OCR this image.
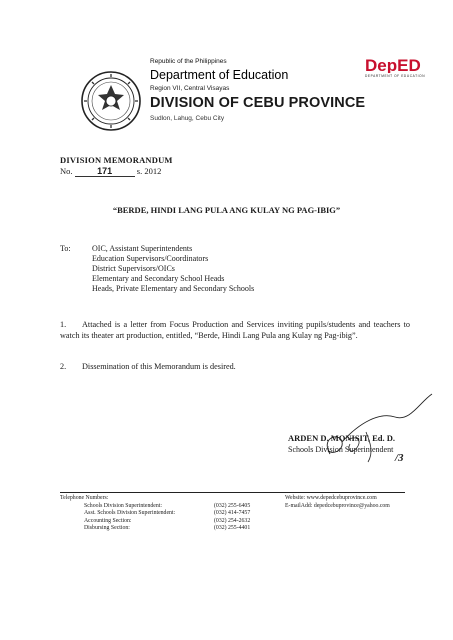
Republic of the Philippines
Department of Education
Region VII, Central Visayas
DIVISION OF CEBU PROVINCE
Sudlon, Lahug, Cebu City
DepED
DEPARTMENT OF EDUCATION
DIVISION MEMORANDUM
No.	171	s. 2012
“BERDE, HINDI LANG PULA ANG KULAY NG PAG-IBIG”
To:	OIC, Assistant Superintendents
Education Supervisors/Coordinators
District Supervisors/OICs
Elementary and Secondary School Heads
Heads, Private Elementary and Secondary Schools
1. Attached is a letter from Focus Production and Services inviting pupils/students and teachers to watch its theater art production, entitled, “Berde, Hindi Lang Pula ang Kulay ng Pag-ibig”.
2. Dissemination of this Memorandum is desired.
ARDEN D. MONISIT, Ed. D.
Schools Division Superintendent
/3
Telephone Numbers:
Schools Division Superintendent:	(032) 255-6405
Asst. Schools Division Superintendent:	(032) 414-7457
Accounting Section:	(032) 254-2632
Disbursing Section:	(032) 255-4401
Website: www.depedcebuprovince.com
E-mailAdd: depedcebuprovince@yahoo.com
